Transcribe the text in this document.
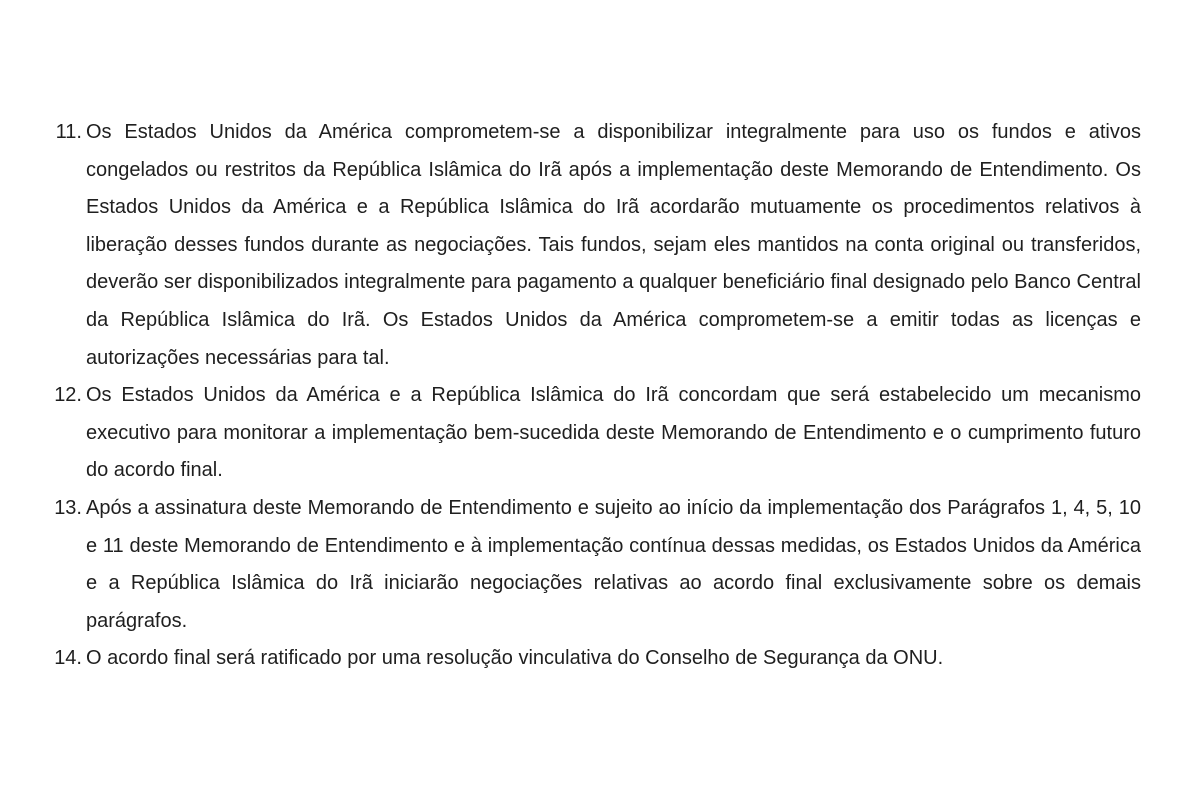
11. Os Estados Unidos da América comprometem-se a disponibilizar integralmente para uso os fundos e ativos congelados ou restritos da República Islâmica do Irã após a implementação deste Memorando de Entendimento. Os Estados Unidos da América e a República Islâmica do Irã acordarão mutuamente os procedimentos relativos à liberação desses fundos durante as negociações. Tais fundos, sejam eles mantidos na conta original ou transferidos, deverão ser disponibilizados integralmente para pagamento a qualquer beneficiário final designado pelo Banco Central da República Islâmica do Irã. Os Estados Unidos da América comprometem-se a emitir todas as licenças e autorizações necessárias para tal.
12. Os Estados Unidos da América e a República Islâmica do Irã concordam que será estabelecido um mecanismo executivo para monitorar a implementação bem-sucedida deste Memorando de Entendimento e o cumprimento futuro do acordo final.
13. Após a assinatura deste Memorando de Entendimento e sujeito ao início da implementação dos Parágrafos 1, 4, 5, 10 e 11 deste Memorando de Entendimento e à implementação contínua dessas medidas, os Estados Unidos da América e a República Islâmica do Irã iniciarão negociações relativas ao acordo final exclusivamente sobre os demais parágrafos.
14. O acordo final será ratificado por uma resolução vinculativa do Conselho de Segurança da ONU.
